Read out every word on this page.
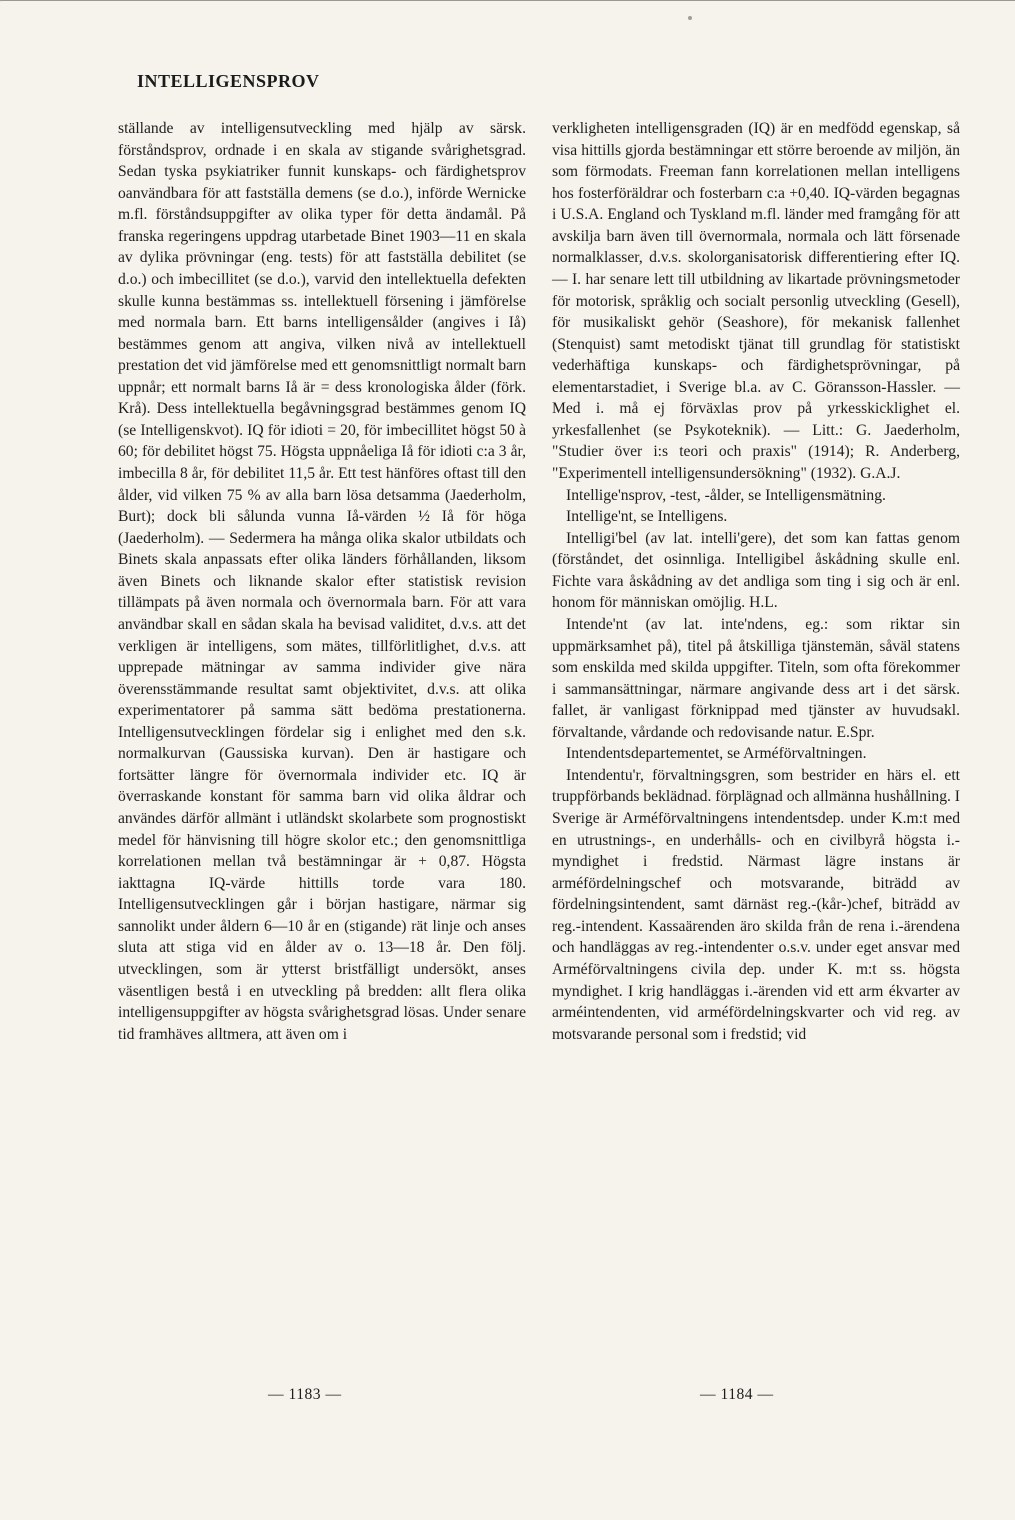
INTELLIGENSPROV

ställande av intelligensutveckling med hjälp av särsk. förståndsprov, ordnade i en skala av stigande svårighetsgrad. Sedan tyska psykiatriker funnit kunskaps- och färdighetsprov oanvändbara för att fastställa demens (se d.o.), införde Wernicke m.fl. förståndsuppgifter av olika typer för detta ändamål. På franska regeringens uppdrag utarbetade Binet 1903—11 en skala av dylika prövningar (eng. tests) för att fastställa debilitet (se d.o.) och imbecillitet (se d.o.), varvid den intellektuella defekten skulle kunna bestämmas ss. intellektuell försening i jämförelse med normala barn. Ett barns intelligensålder (angives i Iå) bestämmes genom att angiva, vilken nivå av intellektuell prestation det vid jämförelse med ett genomsnittligt normalt barn uppnår; ett normalt barns Iå är = dess kronologiska ålder (förk. Krå). Dess intellektuella begåvningsgrad bestämmes genom IQ (se Intelligenskvot). IQ för idioti = 20, för imbecillitet högst 50 à 60; för debilitet högst 75. Högsta uppnåeliga Iå för idioti c:a 3 år, imbecilla 8 år, för debilitet 11,5 år. Ett test hänföres oftast till den ålder, vid vilken 75 % av alla barn lösa detsamma (Jaederholm, Burt); dock bli sålunda vunna Iå-värden ½ Iå för höga (Jaederholm). — Sedermera ha många olika skalor utbildats och Binets skala anpassats efter olika länders förhållanden, liksom även Binets och liknande skalor efter statistisk revision tillämpats på även normala och övernormala barn. För att vara användbar skall en sådan skala ha bevisad validitet, d.v.s. att det verkligen är intelligens, som mätes, tillförlitlighet, d.v.s. att upprepade mätningar av samma individer give nära överensstämmande resultat samt objektivitet, d.v.s. att olika experimentatorer på samma sätt bedöma prestationerna. Intelligensutvecklingen fördelar sig i enlighet med den s.k. normalkurvan (Gaussiska kurvan). Den är hastigare och fortsätter längre för övernormala individer etc. IQ är överraskande konstant för samma barn vid olika åldrar och användes därför allmänt i utländskt skolarbete som prognostiskt medel för hänvisning till högre skolor etc.; den genomsnittliga korrelationen mellan två bestämningar är + 0,87. Högsta iakttagna IQ-värde hittills torde vara 180. Intelligensutvecklingen går i början hastigare, närmar sig sannolikt under åldern 6—10 år en (stigande) rät linje och anses sluta att stiga vid en ålder av o. 13—18 år. Den följ. utvecklingen, som är ytterst bristfälligt undersökt, anses väsentligen bestå i en utveckling på bredden: allt flera olika intelligensuppgifter av högsta svårighetsgrad lösas. Under senare tid framhäves alltmera, att även om i

verkligheten intelligensgraden (IQ) är en medfödd egenskap, så visa hittills gjorda bestämningar ett större beroende av miljön, än som förmodats. Freeman fann korrelationen mellan intelligens hos fosterföräldrar och fosterbarn c:a +0,40. IQ-värden begagnas i U.S.A. England och Tyskland m.fl. länder med framgång för att avskilja barn även till övernormala, normala och lätt försenade normalklasser, d.v.s. skolorganisatorisk differentiering efter IQ. — I. har senare lett till utbildning av likartade prövningsmetoder för motorisk, språklig och socialt personlig utveckling (Gesell), för musikaliskt gehör (Seashore), för mekanisk fallenhet (Stenquist) samt metodiskt tjänat till grundlag för statistiskt vederhäftiga kunskaps- och färdighetsprövningar, på elementarstadiet, i Sverige bl.a. av C. Göransson-Hassler. — Med i. må ej förväxlas prov på yrkesskicklighet el. yrkesfallenhet (se Psykoteknik). — Litt.: G. Jaederholm, "Studier över i:s teori och praxis" (1914); R. Anderberg, "Experimentell intelligensundersökning" (1932). G.A.J.

Intellige'nsprov, -test, -ålder, se Intelligensmätning.

Intellige'nt, se Intelligens.

Intelligi'bel (av lat. intelli'gere), det som kan fattas genom (förståndet, det osinnliga. Intelligibel åskådning skulle enl. Fichte vara åskådning av det andliga som ting i sig och är enl. honom för människan omöjlig. H.L.

Intende'nt (av lat. inte'ndens, eg.: som riktar sin uppmärksamhet på), titel på åtskilliga tjänstemän, såväl statens som enskilda med skilda uppgifter. Titeln, som ofta förekommer i sammansättningar, närmare angivande dess art i det särsk. fallet, är vanligast förknippad med tjänster av huvudsakl. förvaltande, vårdande och redovisande natur. E.Spr.

Intendentsdepartementet, se Arméförvaltningen.

Intendentu'r, förvaltningsgren, som bestrider en härs el. ett truppförbands beklädnad. förplägnad och allmänna hushållning. I Sverige är Arméförvaltningens intendentsdep. under K.m:t med en utrustnings-, en underhålls- och en civilbyrå högsta i.-myndighet i fredstid. Närmast lägre instans är arméfördelningschef och motsvarande, biträdd av fördelningsintendent, samt därnäst reg.-(kår-)chef, biträdd av reg.-intendent. Kassaärenden äro skilda från de rena i.-ärendena och handläggas av reg.-intendenter o.s.v. under eget ansvar med Arméförvaltningens civila dep. under K. m:t ss. högsta myndighet. I krig handläggas i.-ärenden vid ett arm ékvarter av arméintendenten, vid arméfördelningskvarter och vid reg. av motsvarande personal som i fredstid; vid

— 1183 —	— 1184 —
